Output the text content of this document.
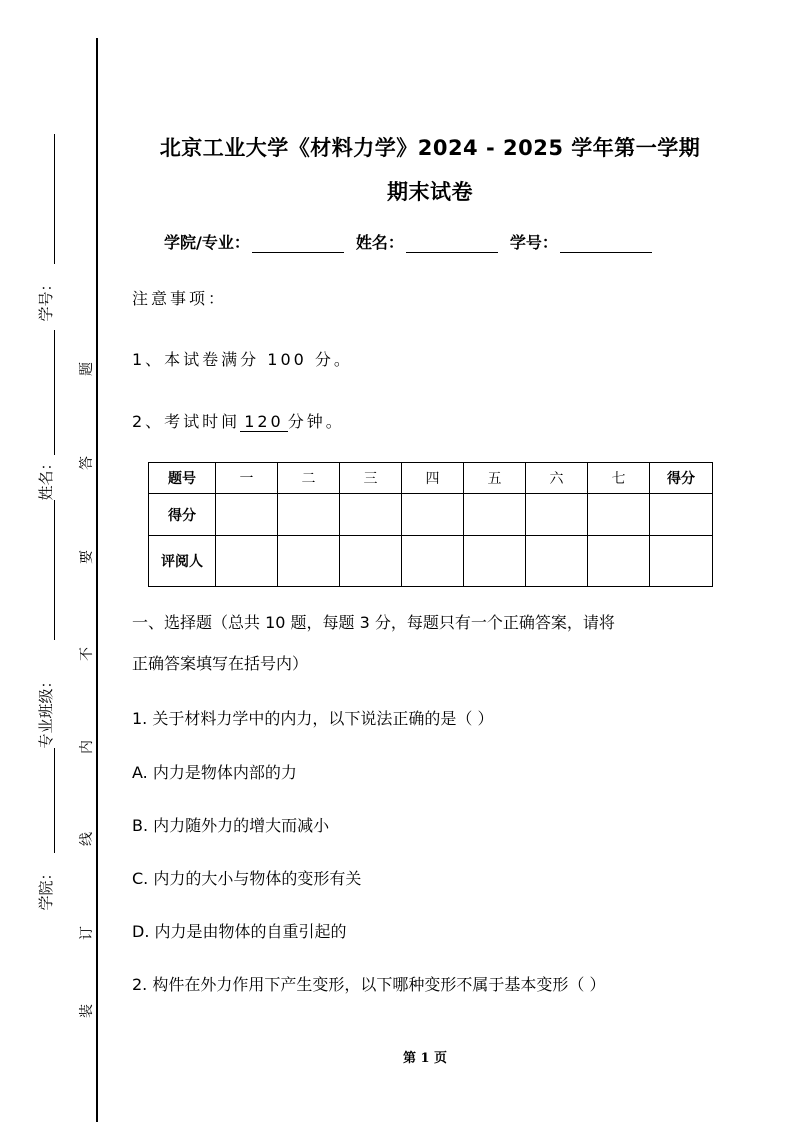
学号：
姓名：
专业班级：
学院：
题
答
要
不
内
线
订
装
北京工业大学《材料力学》2024 - 2025 学年第一学期
期末试卷
学院/专业：	姓名：	学号：
注意事项：
1、本试卷满分 100 分。
2、考试时间 120 分钟。
题号	一	二	三	四	五	六	七	得分
得分								
评阅人								
一、选择题（总共 10 题，每题 3 分，每题只有一个正确答案，请将
正确答案填写在括号内）
1. 关于材料力学中的内力，以下说法正确的是（ ）
A. 内力是物体内部的力
B. 内力随外力的增大而减小
C. 内力的大小与物体的变形有关
D. 内力是由物体的自重引起的
2. 构件在外力作用下产生变形，以下哪种变形不属于基本变形（ ）
第 1 页
